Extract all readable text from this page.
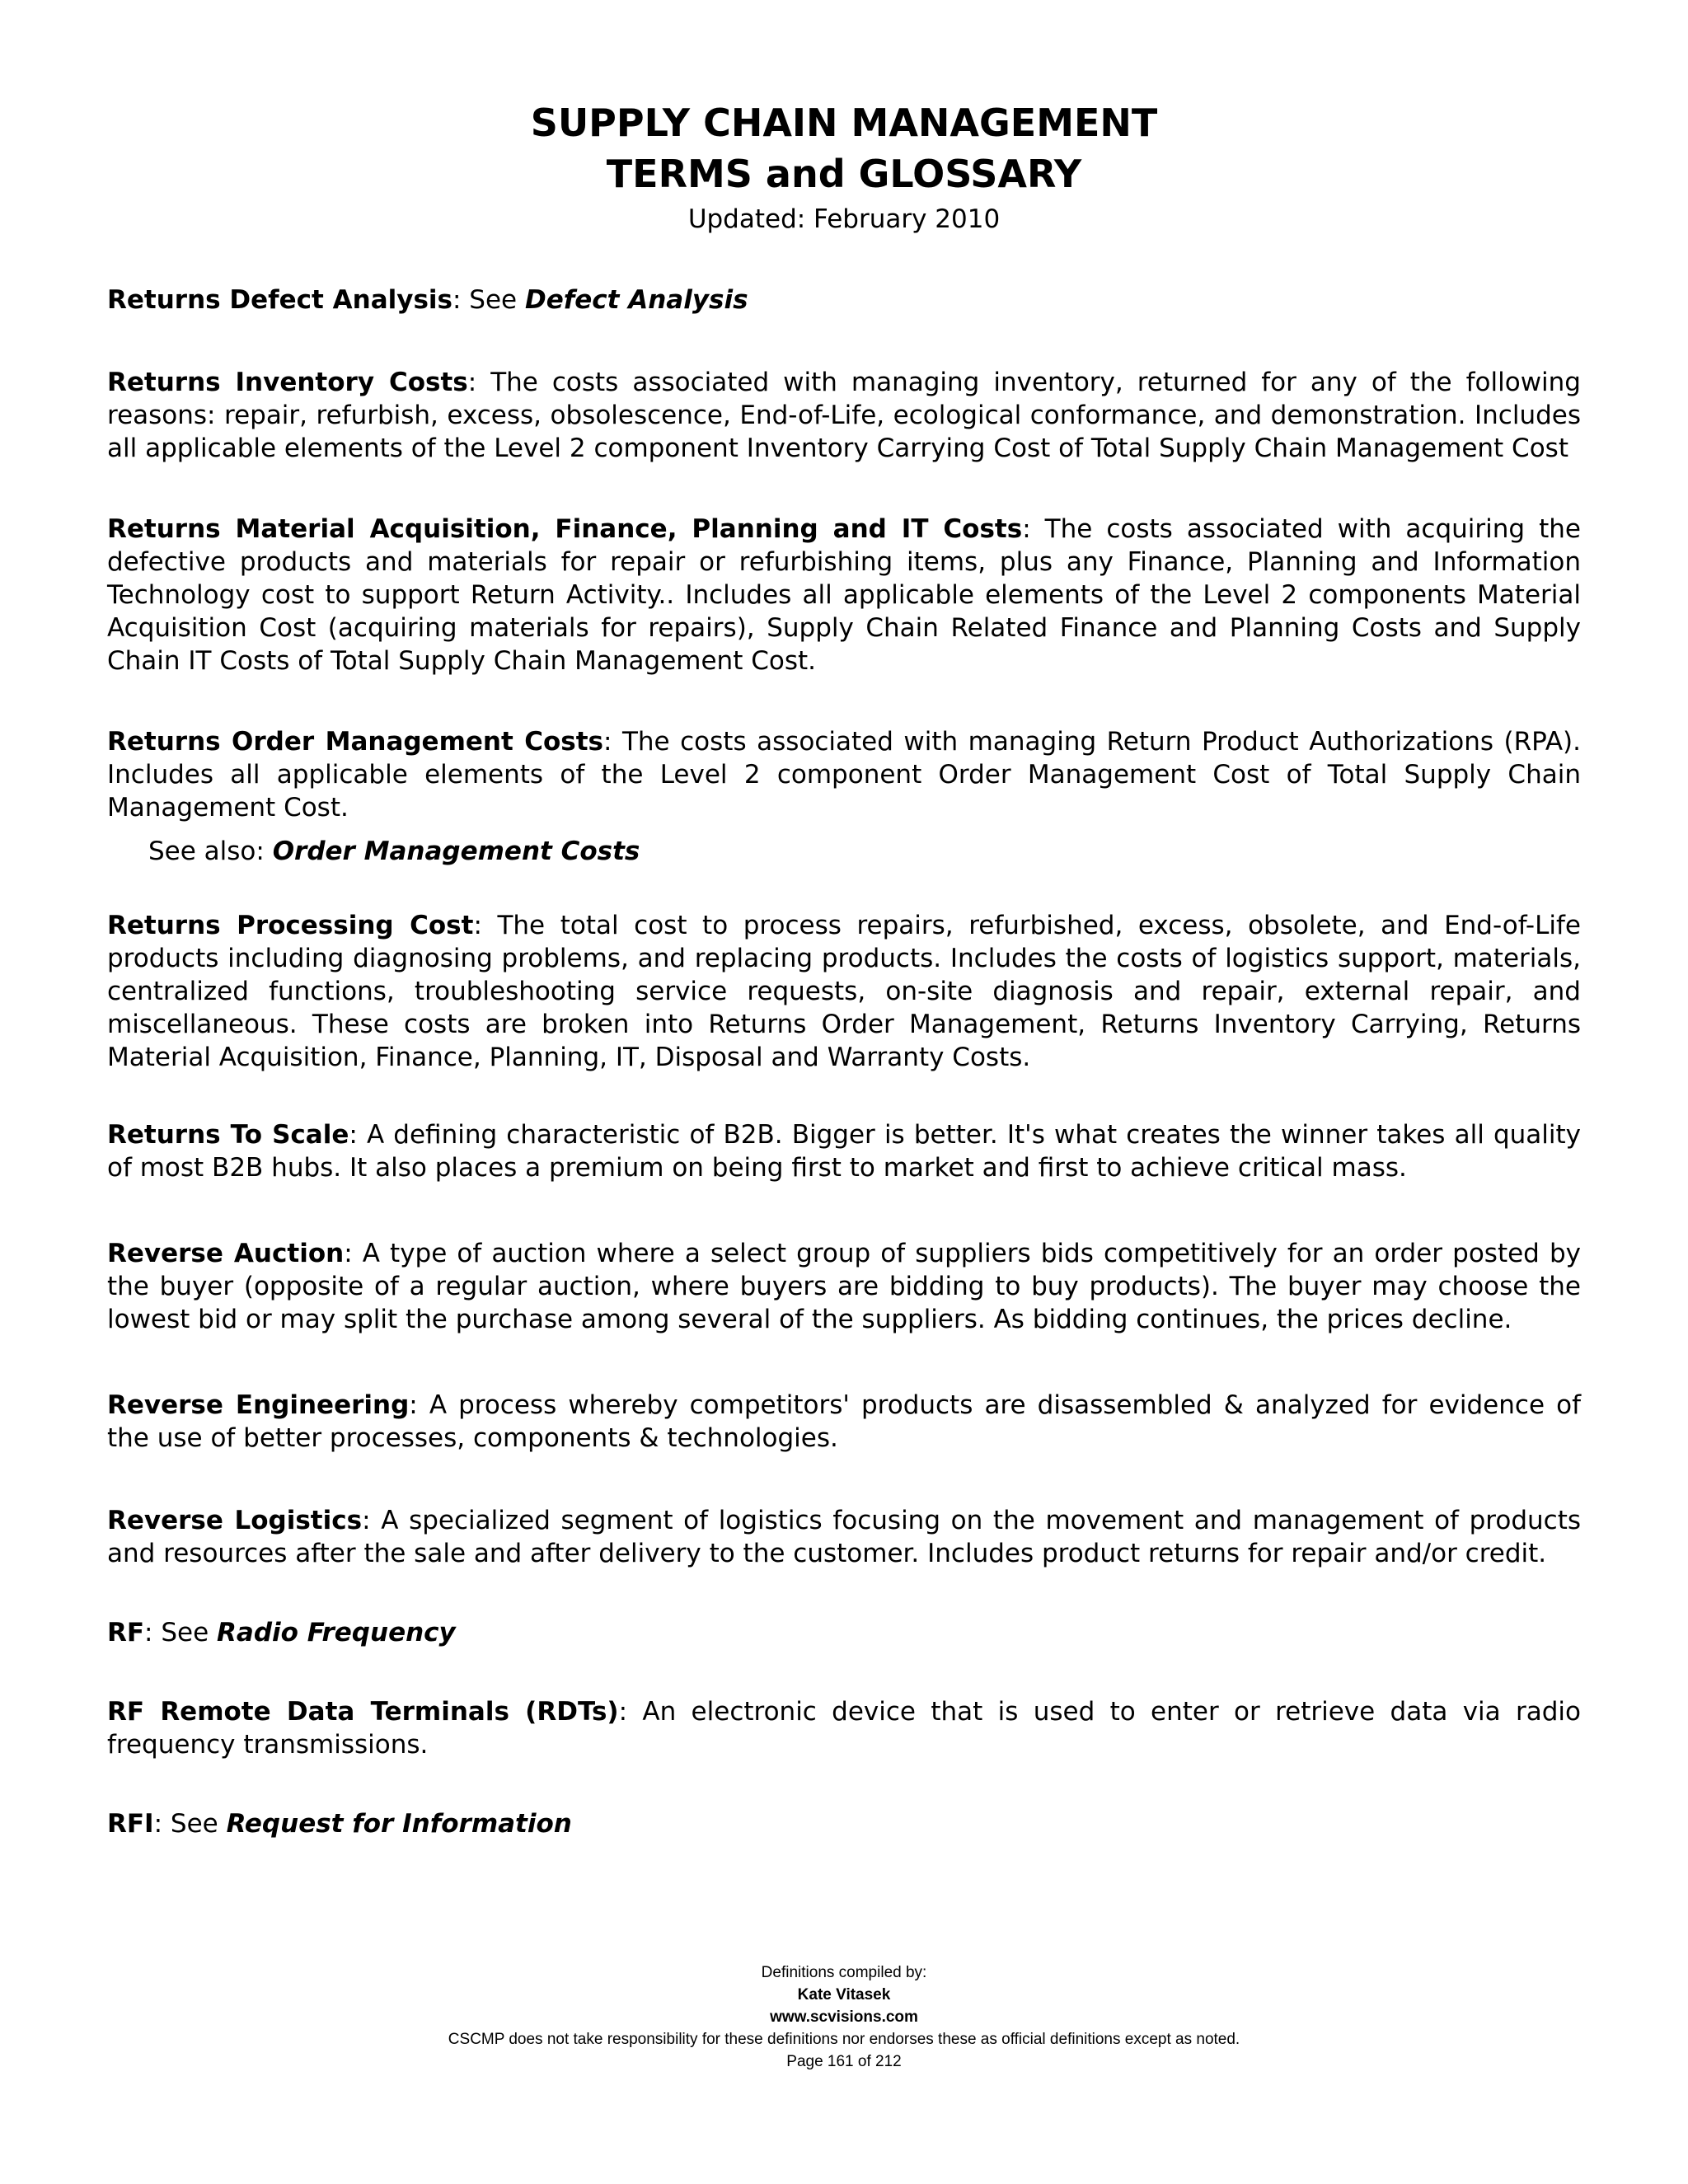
SUPPLY CHAIN MANAGEMENT
TERMS and GLOSSARY
Updated: February 2010
Returns Defect Analysis: See Defect Analysis
Returns Inventory Costs: The costs associated with managing inventory, returned for any of the following reasons: repair, refurbish, excess, obsolescence, End-of-Life, ecological conformance, and demonstration. Includes all applicable elements of the Level 2 component Inventory Carrying Cost of Total Supply Chain Management Cost
Returns Material Acquisition, Finance, Planning and IT Costs: The costs associated with acquiring the defective products and materials for repair or refurbishing items, plus any Finance, Planning and Information Technology cost to support Return Activity.. Includes all applicable elements of the Level 2 components Material Acquisition Cost (acquiring materials for repairs), Supply Chain Related Finance and Planning Costs and Supply Chain IT Costs of Total Supply Chain Management Cost.
Returns Order Management Costs: The costs associated with managing Return Product Authorizations (RPA). Includes all applicable elements of the Level 2 component Order Management Cost of Total Supply Chain Management Cost.
See also: Order Management Costs
Returns Processing Cost: The total cost to process repairs, refurbished, excess, obsolete, and End-of-Life products including diagnosing problems, and replacing products. Includes the costs of logistics support, materials, centralized functions, troubleshooting service requests, on-site diagnosis and repair, external repair, and miscellaneous. These costs are broken into Returns Order Management, Returns Inventory Carrying, Returns Material Acquisition, Finance, Planning, IT, Disposal and Warranty Costs.
Returns To Scale: A defining characteristic of B2B. Bigger is better. It's what creates the winner takes all quality of most B2B hubs. It also places a premium on being first to market and first to achieve critical mass.
Reverse Auction: A type of auction where a select group of suppliers bids competitively for an order posted by the buyer (opposite of a regular auction, where buyers are bidding to buy products). The buyer may choose the lowest bid or may split the purchase among several of the suppliers. As bidding continues, the prices decline.
Reverse Engineering: A process whereby competitors' products are disassembled & analyzed for evidence of the use of better processes, components & technologies.
Reverse Logistics: A specialized segment of logistics focusing on the movement and management of products and resources after the sale and after delivery to the customer. Includes product returns for repair and/or credit.
RF: See Radio Frequency
RF Remote Data Terminals (RDTs): An electronic device that is used to enter or retrieve data via radio frequency transmissions.
RFI: See Request for Information
Definitions compiled by:
Kate Vitasek
www.scvisions.com
CSCMP does not take responsibility for these definitions nor endorses these as official definitions except as noted.
Page 161 of 212
